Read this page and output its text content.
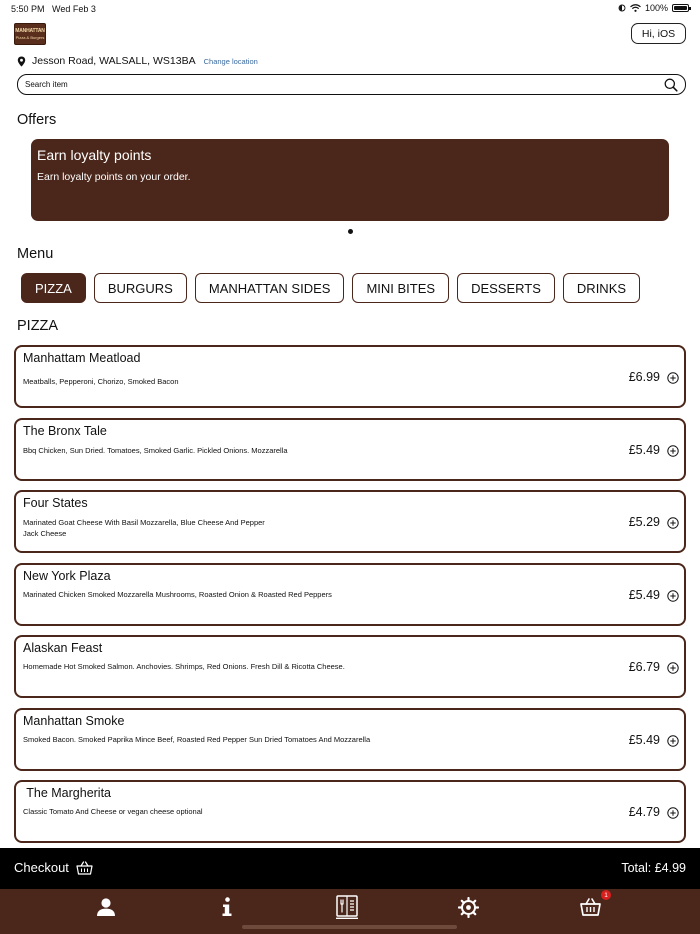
5:50 PM Wed Feb 3	100%
MANHATTAN
Pizza & Burgers	Hi, iOS
Jesson Road, WALSALL, WS13BA Change location
Search item
Offers
Earn loyalty points
Earn loyalty points on your order.
Menu
PIZZA	BURGURS	MANHATTAN SIDES	MINI BITES	DESSERTS	DRINKS
PIZZA
Manhattam Meatload
Meatballs, Pepperoni, Chorizo, Smoked Bacon	£6.99
The Bronx Tale
Bbq Chicken, Sun Dried. Tomatoes, Smoked Garlic. Pickled Onions. Mozzarella	£5.49
Four States
Marinated Goat Cheese With Basil Mozzarella, Blue Cheese And Pepper Jack Cheese
£5.29
New York Plaza
Marinated Chicken Smoked Mozzarella Mushrooms, Roasted Onion & Roasted Red Peppers	£5.49
Alaskan Feast
Homemade Hot Smoked Salmon. Anchovies. Shrimps, Red Onions. Fresh Dill & Ricotta Cheese.	£6.79
Manhattan Smoke
Smoked Bacon. Smoked Paprika Mince Beef, Roasted Red Pepper Sun Dried Tomatoes And Mozzarella	£5.49
The Margherita
Classic Tomato And Cheese or vegan cheese optional	£4.79
Checkout	Total: £4.99
1
